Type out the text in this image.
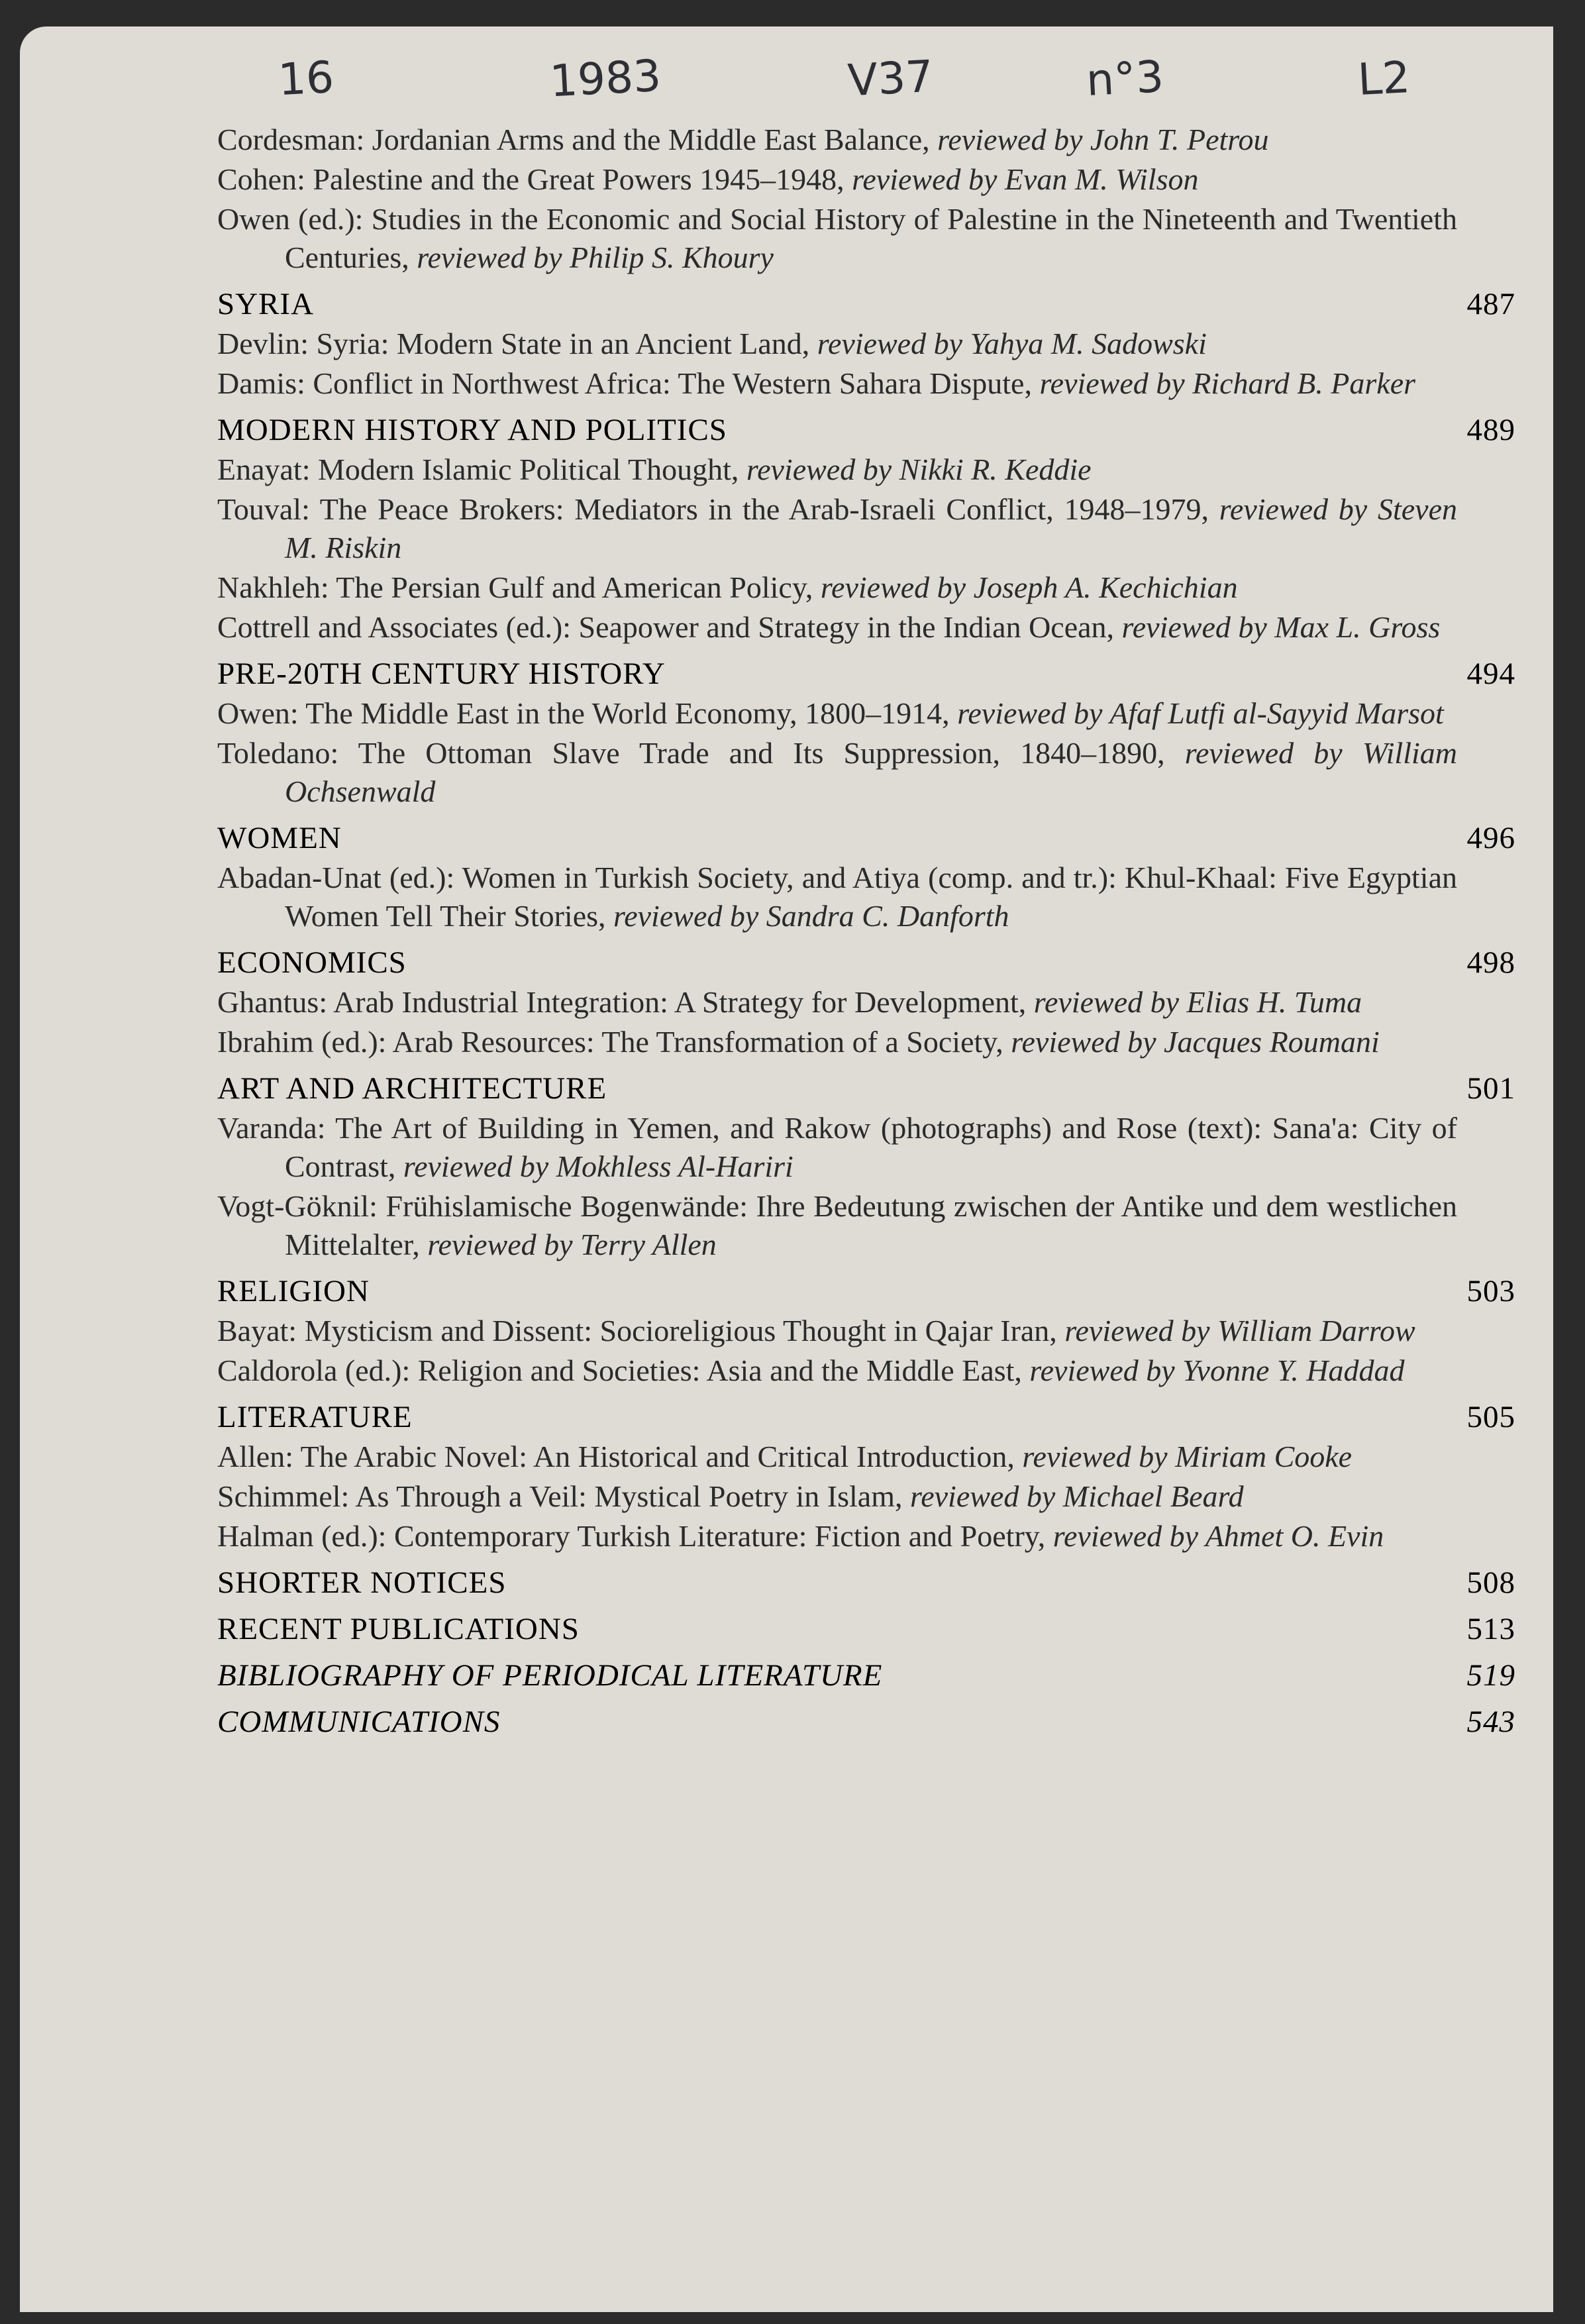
16	1983	V37	n°3	L2
Cordesman: Jordanian Arms and the Middle East Balance, reviewed by John T. Petrou
Cohen: Palestine and the Great Powers 1945–1948, reviewed by Evan M. Wilson
Owen (ed.): Studies in the Economic and Social History of Palestine in the Nineteenth and Twentieth Centuries, reviewed by Philip S. Khoury
SYRIA	487
Devlin: Syria: Modern State in an Ancient Land, reviewed by Yahya M. Sadowski
Damis: Conflict in Northwest Africa: The Western Sahara Dispute, reviewed by Richard B. Parker
MODERN HISTORY AND POLITICS	489
Enayat: Modern Islamic Political Thought, reviewed by Nikki R. Keddie
Touval: The Peace Brokers: Mediators in the Arab-Israeli Conflict, 1948–1979, reviewed by Steven M. Riskin
Nakhleh: The Persian Gulf and American Policy, reviewed by Joseph A. Kechichian
Cottrell and Associates (ed.): Seapower and Strategy in the Indian Ocean, reviewed by Max L. Gross
PRE-20TH CENTURY HISTORY	494
Owen: The Middle East in the World Economy, 1800–1914, reviewed by Afaf Lutfi al-Sayyid Marsot
Toledano: The Ottoman Slave Trade and Its Suppression, 1840–1890, reviewed by William Ochsenwald
WOMEN	496
Abadan-Unat (ed.): Women in Turkish Society, and Atiya (comp. and tr.): Khul-Khaal: Five Egyptian Women Tell Their Stories, reviewed by Sandra C. Danforth
ECONOMICS	498
Ghantus: Arab Industrial Integration: A Strategy for Development, reviewed by Elias H. Tuma
Ibrahim (ed.): Arab Resources: The Transformation of a Society, reviewed by Jacques Roumani
ART AND ARCHITECTURE	501
Varanda: The Art of Building in Yemen, and Rakow (photographs) and Rose (text): Sana'a: City of Contrast, reviewed by Mokhless Al-Hariri
Vogt-Göknil: Frühislamische Bogenwände: Ihre Bedeutung zwischen der Antike und dem westlichen Mittelalter, reviewed by Terry Allen
RELIGION	503
Bayat: Mysticism and Dissent: Socioreligious Thought in Qajar Iran, reviewed by William Darrow
Caldorola (ed.): Religion and Societies: Asia and the Middle East, reviewed by Yvonne Y. Haddad
LITERATURE	505
Allen: The Arabic Novel: An Historical and Critical Introduction, reviewed by Miriam Cooke
Schimmel: As Through a Veil: Mystical Poetry in Islam, reviewed by Michael Beard
Halman (ed.): Contemporary Turkish Literature: Fiction and Poetry, reviewed by Ahmet O. Evin
SHORTER NOTICES	508
RECENT PUBLICATIONS	513
BIBLIOGRAPHY OF PERIODICAL LITERATURE	519
COMMUNICATIONS	543
